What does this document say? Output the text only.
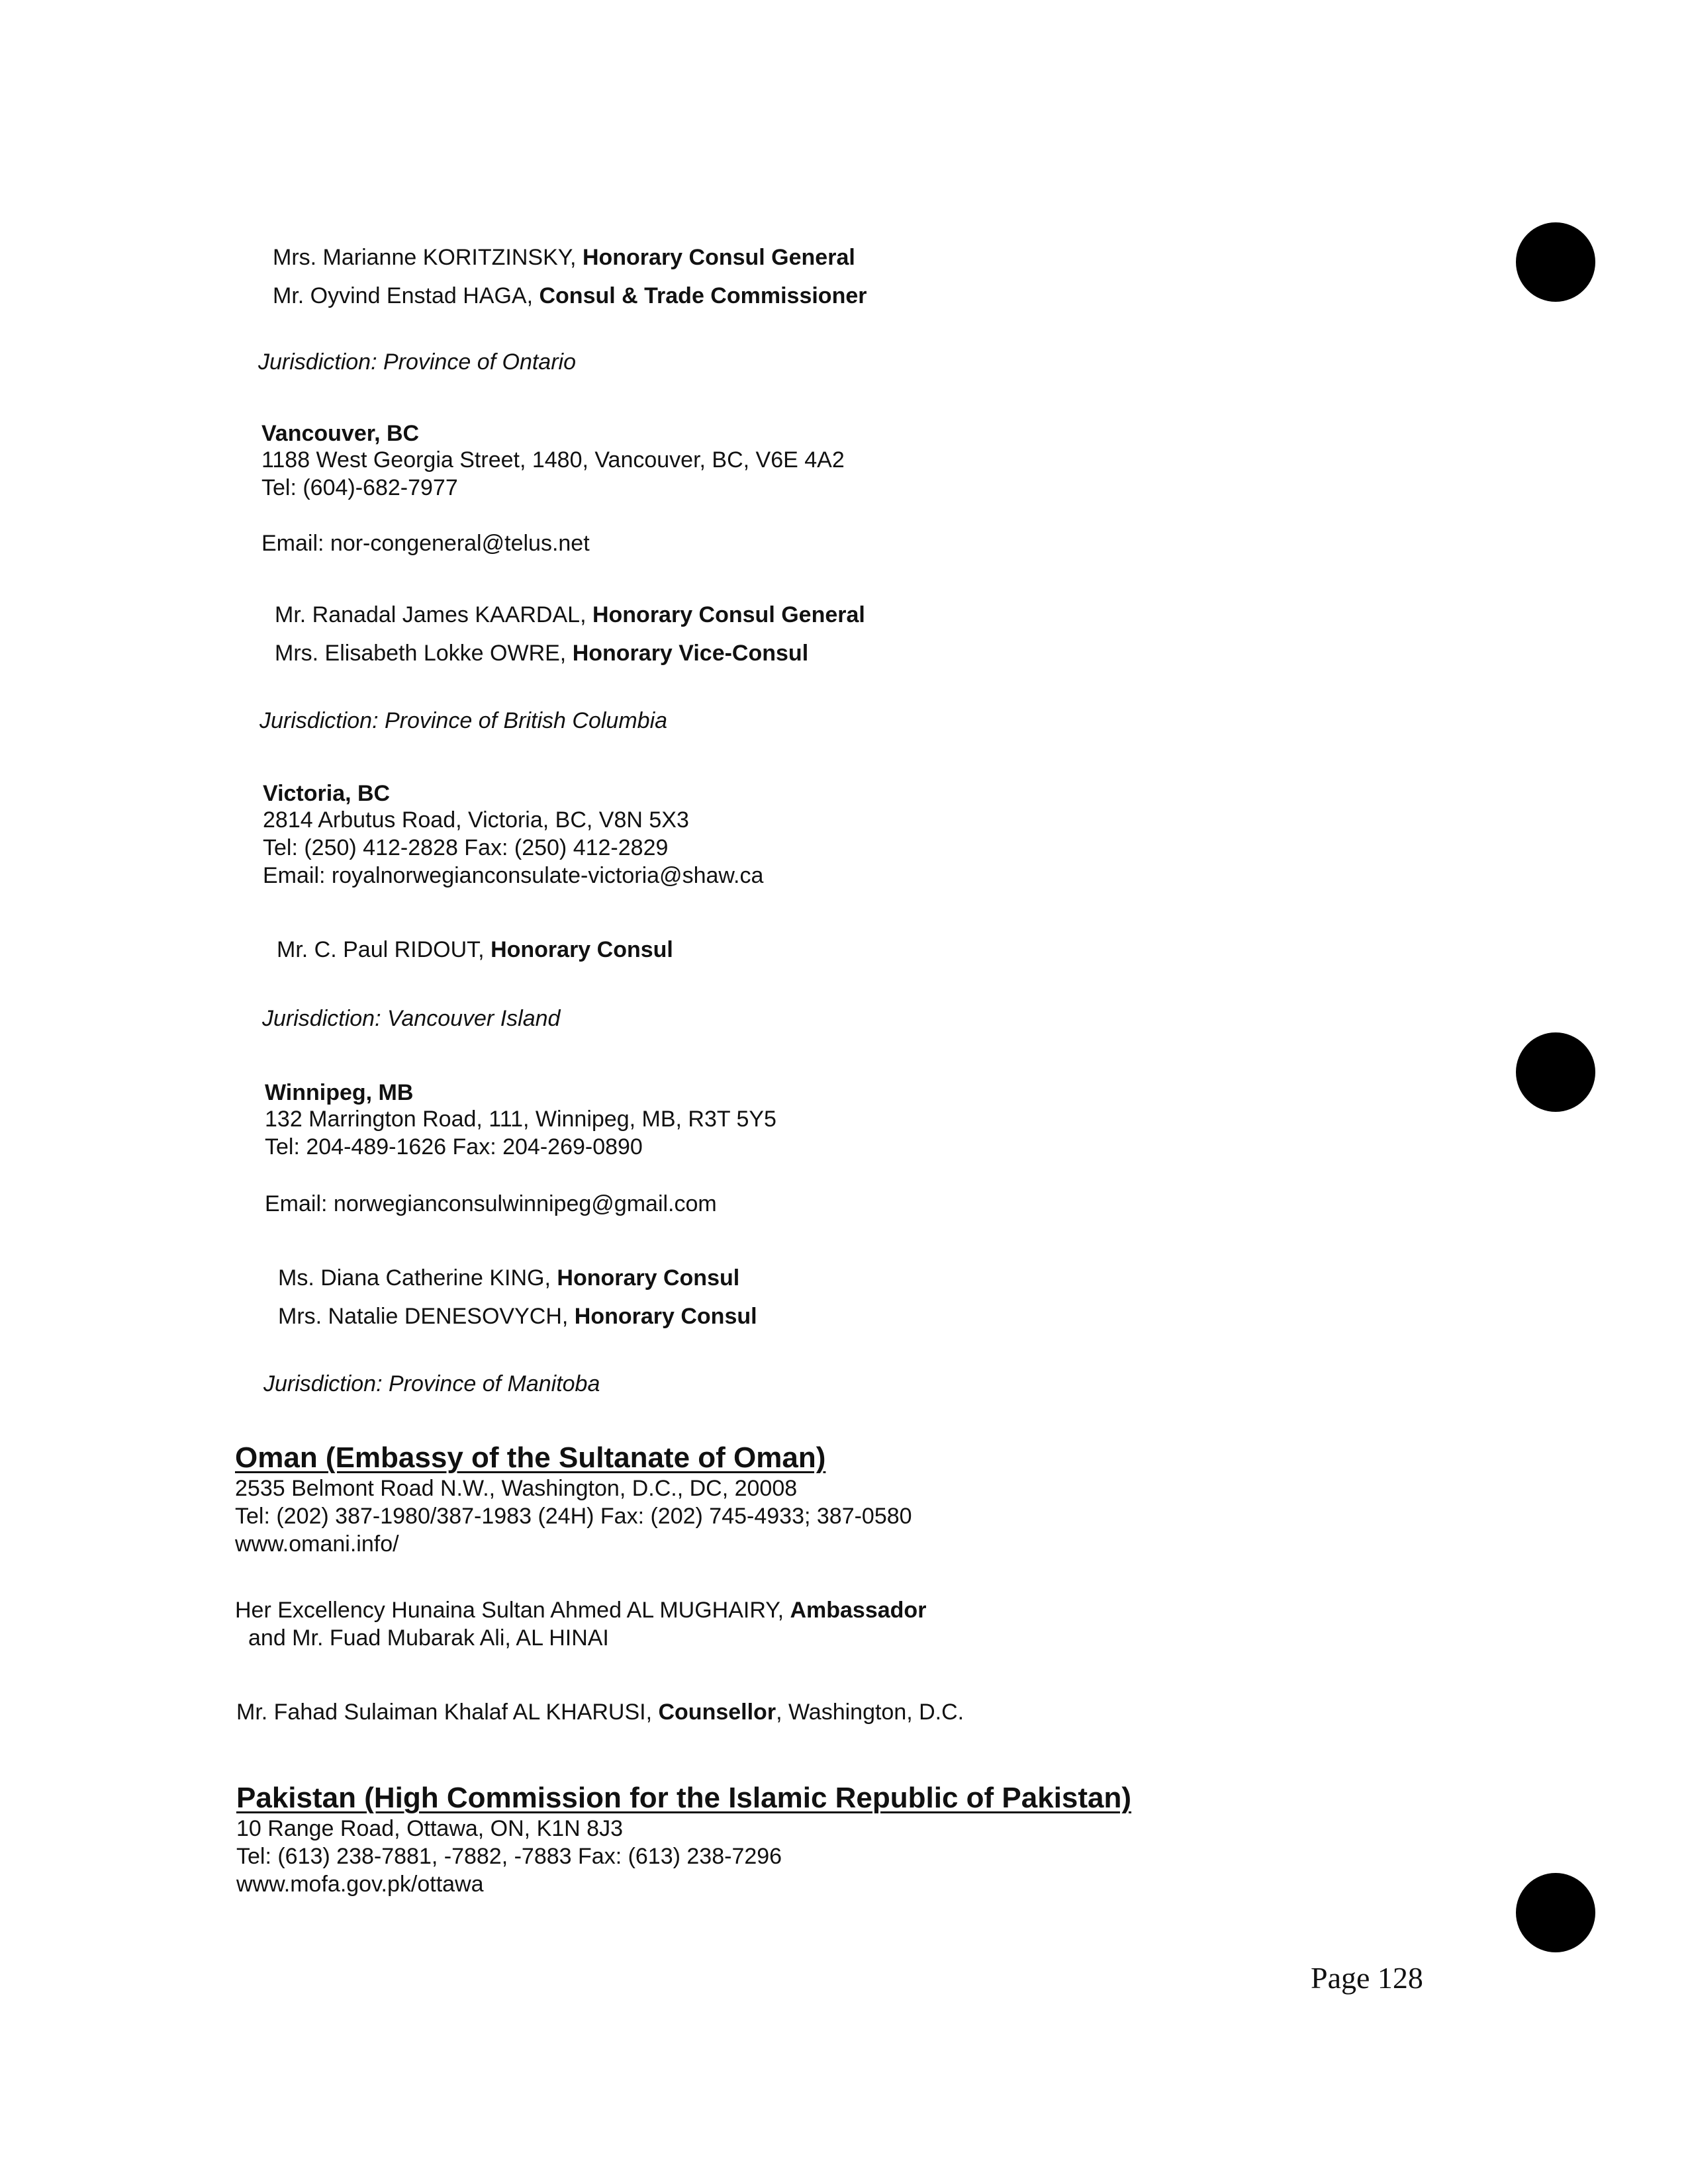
Mrs. Marianne KORITZINSKY, Honorary Consul General
Mr. Oyvind Enstad HAGA, Consul & Trade Commissioner
Jurisdiction: Province of Ontario
Vancouver, BC
1188 West Georgia Street, 1480, Vancouver, BC, V6E 4A2
Tel: (604)-682-7977
Email: nor-congeneral@telus.net
Mr. Ranadal James KAARDAL, Honorary Consul General
Mrs. Elisabeth Lokke OWRE, Honorary Vice-Consul
Jurisdiction: Province of British Columbia
Victoria, BC
2814 Arbutus Road, Victoria, BC, V8N 5X3
Tel: (250) 412-2828 Fax: (250) 412-2829
Email: royalnorwegianconsulate-victoria@shaw.ca
Mr. C. Paul RIDOUT, Honorary Consul
Jurisdiction: Vancouver Island
Winnipeg, MB
132 Marrington Road, 111, Winnipeg, MB, R3T 5Y5
Tel: 204-489-1626 Fax: 204-269-0890
Email: norwegianconsulwinnipeg@gmail.com
Ms. Diana Catherine KING, Honorary Consul
Mrs. Natalie DENESOVYCH, Honorary Consul
Jurisdiction: Province of Manitoba
Oman (Embassy of the Sultanate of Oman)
2535 Belmont Road N.W., Washington, D.C., DC, 20008
Tel: (202) 387-1980/387-1983 (24H) Fax: (202) 745-4933; 387-0580
www.omani.info/
Her Excellency Hunaina Sultan Ahmed AL MUGHAIRY, Ambassador
and Mr. Fuad Mubarak Ali, AL HINAI
Mr. Fahad Sulaiman Khalaf AL KHARUSI, Counsellor, Washington, D.C.
Pakistan (High Commission for the Islamic Republic of Pakistan)
10 Range Road, Ottawa, ON, K1N 8J3
Tel: (613) 238-7881, -7882, -7883 Fax: (613) 238-7296
www.mofa.gov.pk/ottawa
Page 128
